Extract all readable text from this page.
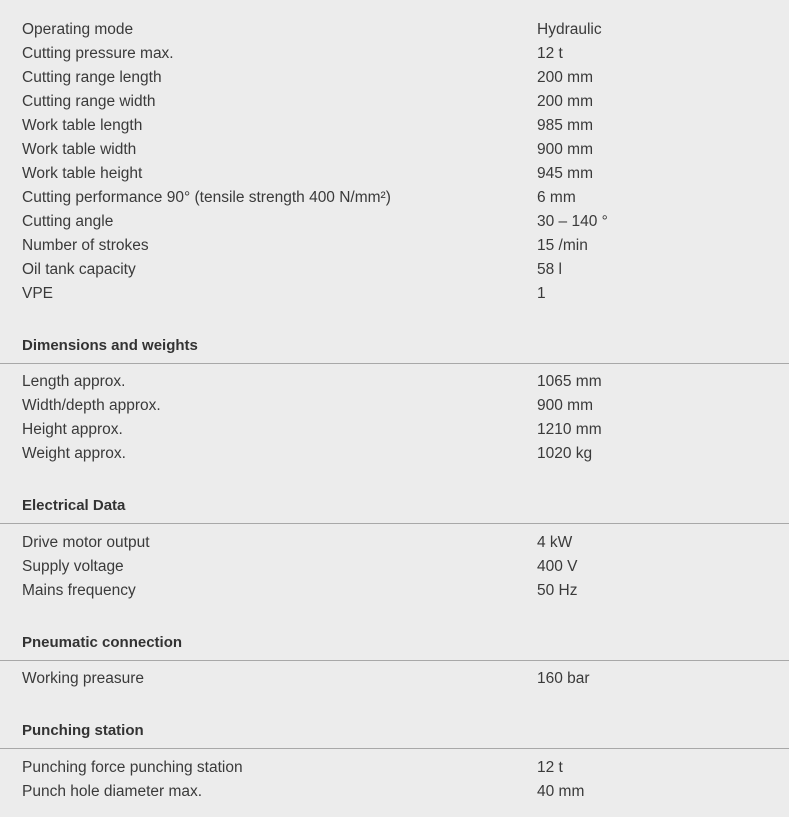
Operating mode	Hydraulic
Cutting pressure max.	12 t
Cutting range length	200 mm
Cutting range width	200 mm
Work table length	985 mm
Work table width	900 mm
Work table height	945 mm
Cutting performance 90° (tensile strength 400 N/mm²)	6 mm
Cutting angle	30 – 140 °
Number of strokes	15 /min
Oil tank capacity	58 l
VPE	1
Dimensions and weights
Length approx.	1065 mm
Width/depth approx.	900 mm
Height approx.	1210 mm
Weight approx.	1020 kg
Electrical Data
Drive motor output	4 kW
Supply voltage	400 V
Mains frequency	50 Hz
Pneumatic connection
Working preasure	160 bar
Punching station
Punching force punching station	12 t
Punch hole diameter max.	40 mm
